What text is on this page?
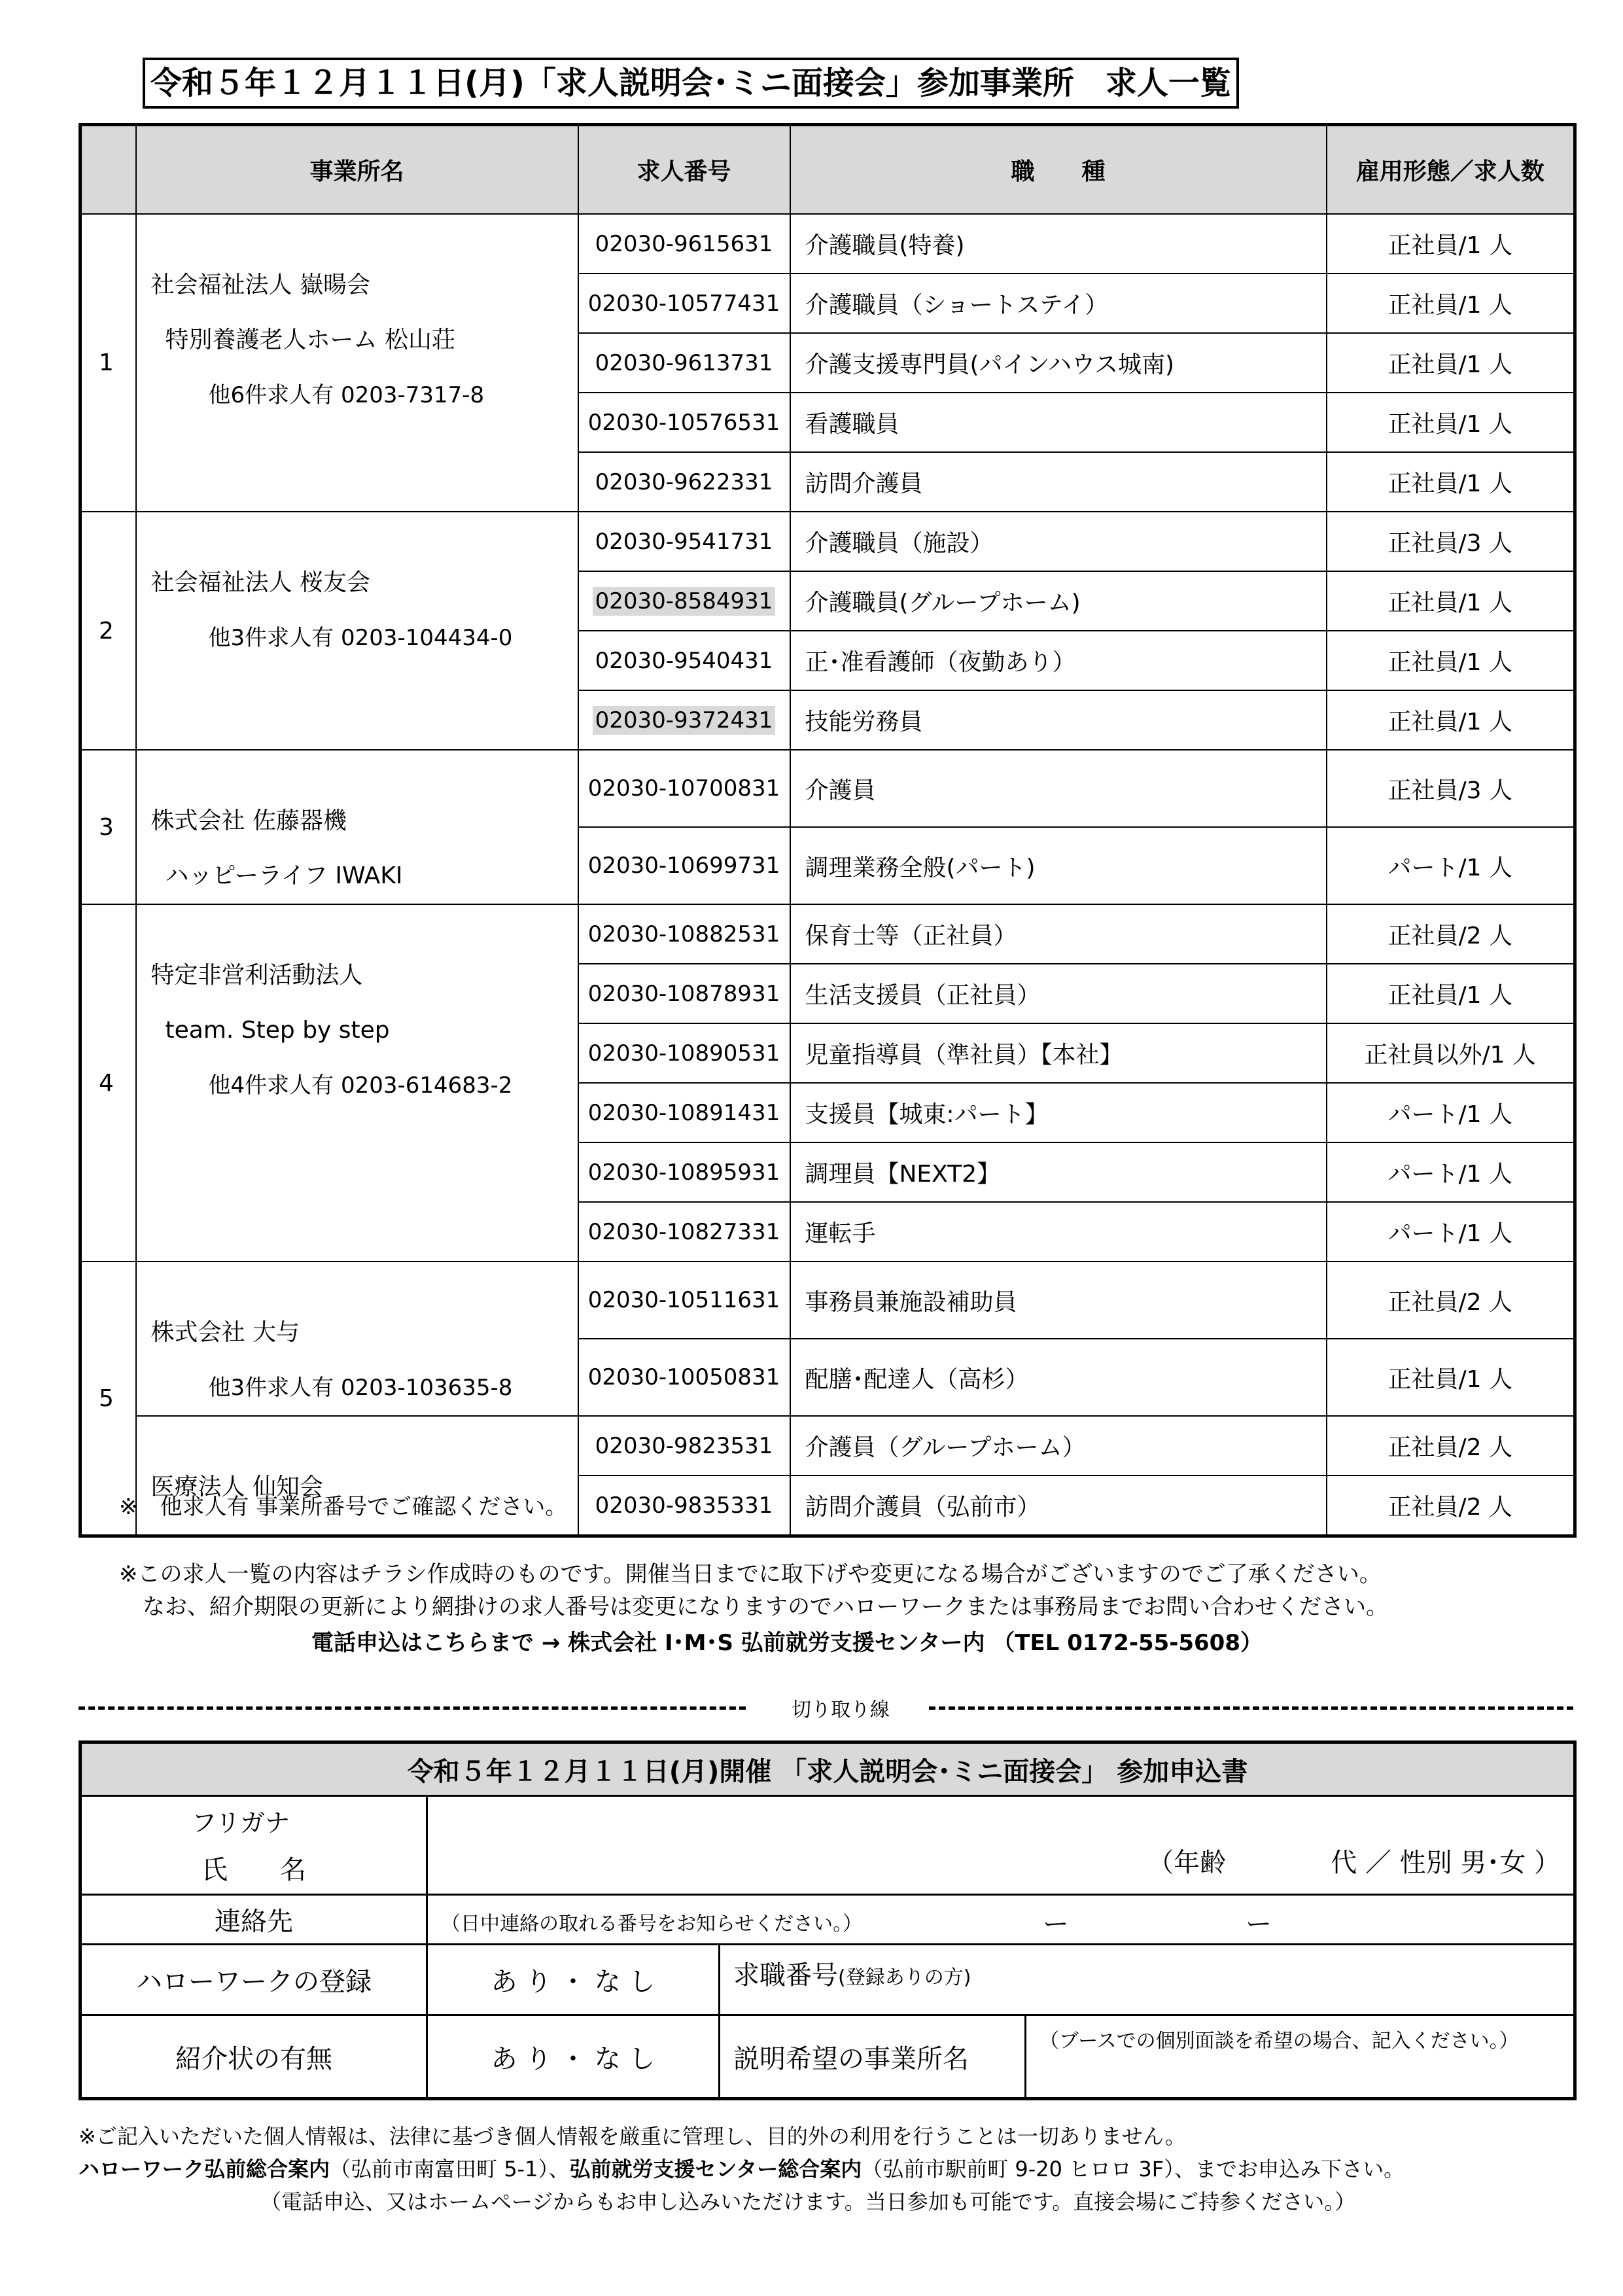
令和５年１２月１１日(月)「求人説明会･ミニ面接会」参加事業所　求人一覧
	事業所名	求人番号	職　　種	雇用形態／求人数
1	社会福祉法人 嶽暘会
特別養護老人ホーム 松山荘
他6件求人有 0203-7317-8	02030-9615631	介護職員(特養)	正社員/1 人
		02030-10577431	介護職員（ショートステイ）	正社員/1 人
		02030-9613731	介護支援専門員(パインハウス城南)	正社員/1 人
		02030-10576531	看護職員	正社員/1 人
		02030-9622331	訪問介護員	正社員/1 人
2	社会福祉法人 桜友会
他3件求人有 0203-104434-0	02030-9541731	介護職員（施設）	正社員/3 人
		02030-8584931	介護職員(グループホーム)	正社員/1 人
		02030-9540431	正･准看護師（夜勤あり）	正社員/1 人
		02030-9372431	技能労務員	正社員/1 人
3	株式会社 佐藤器機
ハッピーライフ IWAKI	02030-10700831	介護員	正社員/3 人
		02030-10699731	調理業務全般(パート)	パート/1 人
4	特定非営利活動法人
team. Step by step
他4件求人有 0203-614683-2	02030-10882531	保育士等（正社員）	正社員/2 人
		02030-10878931	生活支援員（正社員）	正社員/1 人
		02030-10890531	児童指導員（準社員）【本社】	正社員以外/1 人
		02030-10891431	支援員【城東:パート】	パート/1 人
		02030-10895931	調理員【NEXT2】	パート/1 人
		02030-10827331	運転手	パート/1 人
5	株式会社 大与
他3件求人有 0203-103635-8	02030-10511631	事務員兼施設補助員	正社員/2 人
		02030-10050831	配膳･配達人（高杉）	正社員/1 人

	医療法人 仙知会	02030-9823531	介護員（グループホーム）	正社員/2 人
		02030-9835331	訪問介護員（弘前市）	正社員/2 人
※　他求人有 事業所番号でご確認ください。
※この求人一覧の内容はチラシ作成時のものです。開催当日までに取下げや変更になる場合がございますのでご了承ください。
なお、紹介期限の更新により網掛けの求人番号は変更になりますのでハローワークまたは事務局までお問い合わせください。
電話申込はこちらまで → 株式会社 I･M･S 弘前就労支援センター内 （TEL 0172-55-5608）
切り取り線
令和５年１２月１１日(月)開催 「求人説明会･ミニ面接会」 参加申込書			

フリガナ
氏　　名	（年齢　　　　代 ／ 性別 男･女 ）		

連絡先	（日中連絡の取れる番号をお知らせください。） ー ー		

ハローワークの登録	あ り ・ な し	求職番号(登録ありの方)	
紹介状の有無	あ り ・ な し	説明希望の事業所名	（ブースでの個別面談を希望の場合、記入ください。）
※ご記入いただいた個人情報は、法律に基づき個人情報を厳重に管理し、目的外の利用を行うことは一切ありません。
ハローワーク弘前総合案内（弘前市南富田町 5-1）、弘前就労支援センター総合案内（弘前市駅前町 9-20 ヒロロ 3F）、までお申込み下さい。
（電話申込、又はホームページからもお申し込みいただけます。当日参加も可能です。直接会場にご持参ください。）
